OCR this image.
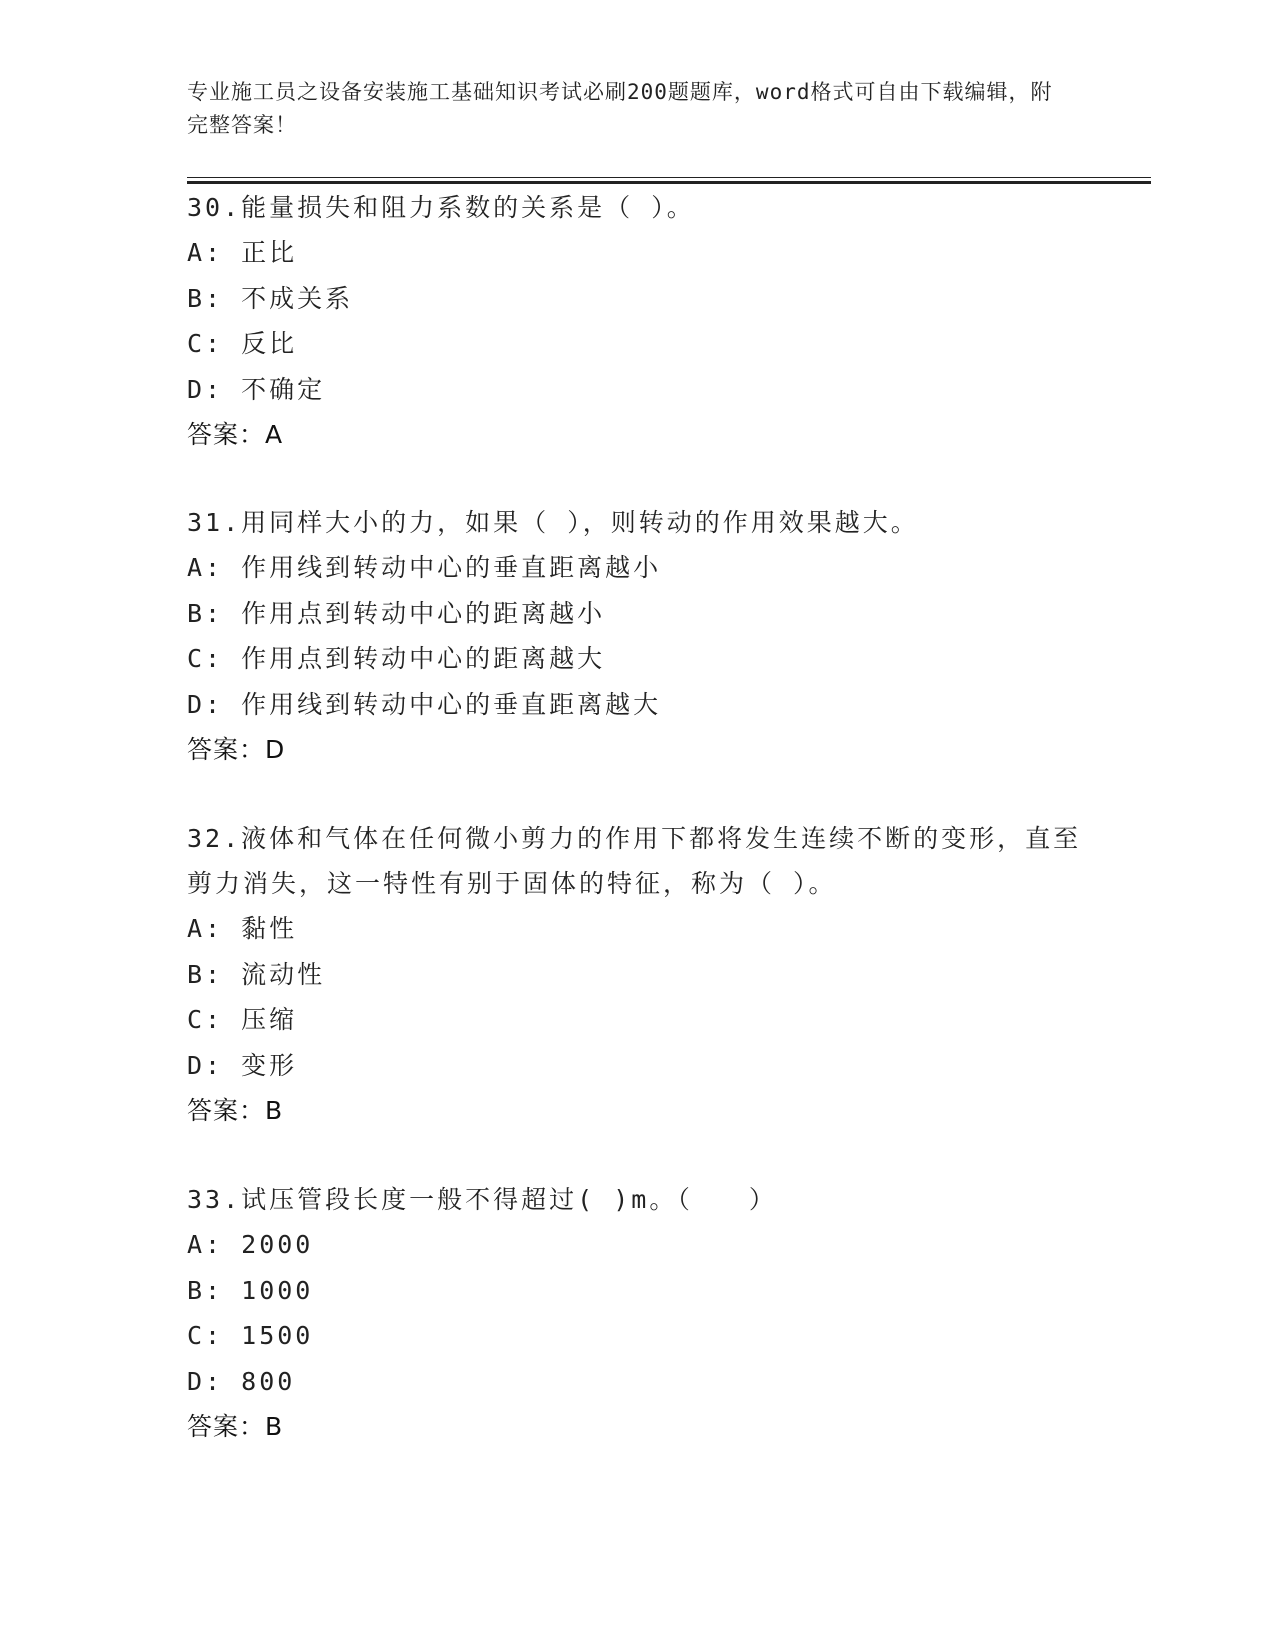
专业施工员之设备安装施工基础知识考试必刷200题题库，word格式可自由下载编辑，附完整答案！
30.能量损失和阻力系数的关系是（ ）。
A: 正比
B: 不成关系
C: 反比
D: 不确定
答案：A
31.用同样大小的力，如果（ ），则转动的作用效果越大。
A: 作用线到转动中心的垂直距离越小
B: 作用点到转动中心的距离越小
C: 作用点到转动中心的距离越大
D: 作用线到转动中心的垂直距离越大
答案：D
32.液体和气体在任何微小剪力的作用下都将发生连续不断的变形，直至剪力消失，这一特性有别于固体的特征，称为（ ）。
A: 黏性
B: 流动性
C: 压缩
D: 变形
答案：B
33.试压管段长度一般不得超过( )m。（　　）
A: 2000
B: 1000
C: 1500
D: 800
答案：B
